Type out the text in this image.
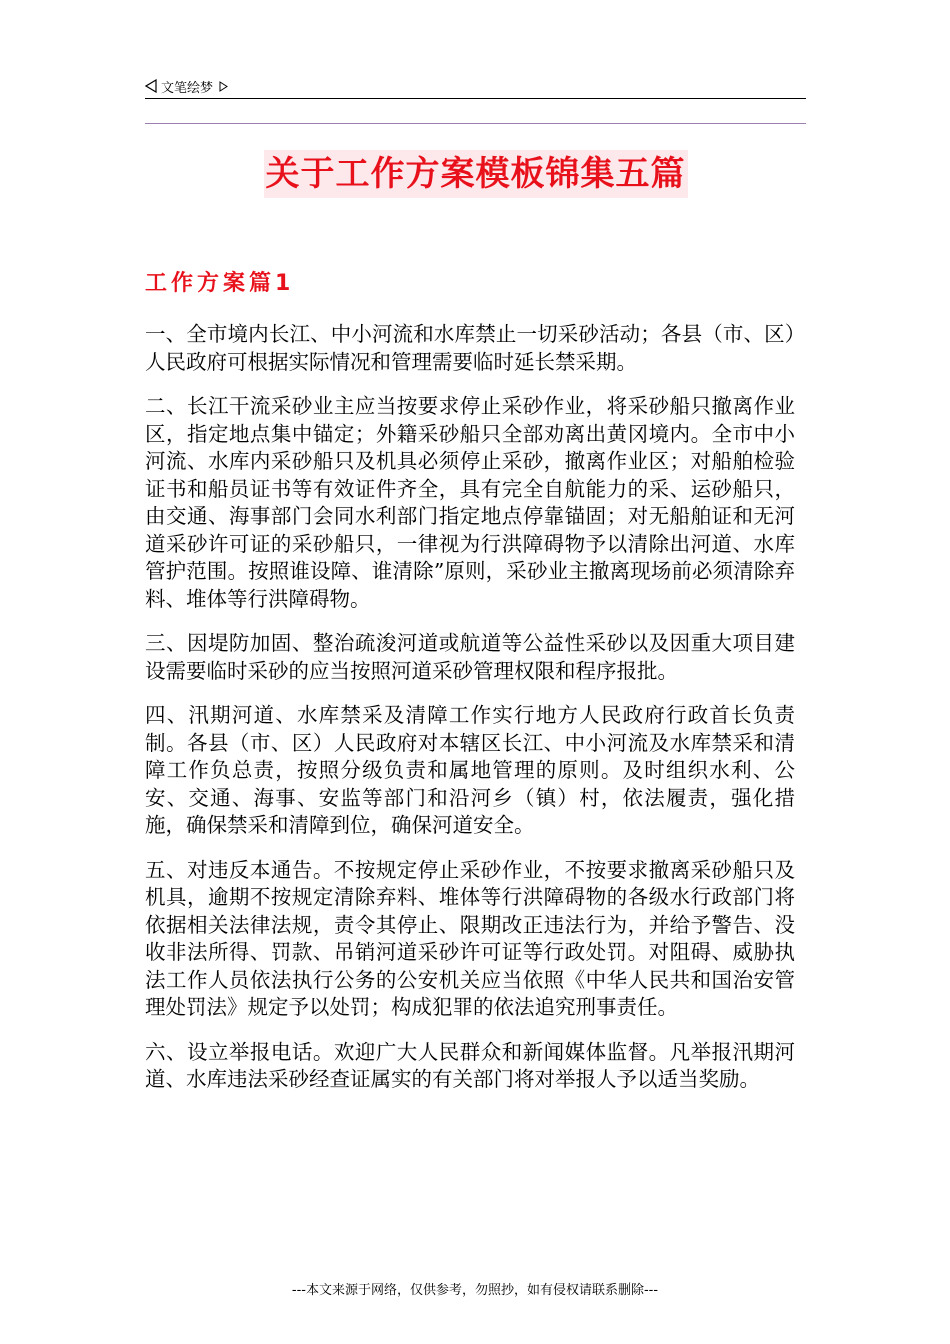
文笔绘梦
关于工作方案模板锦集五篇
工作方案篇1

一、全市境内长江、中小河流和水库禁止一切采砂活动；各县（市、区）人民政府可根据实际情况和管理需要临时延长禁采期。

二、长江干流采砂业主应当按要求停止采砂作业，将采砂船只撤离作业区，指定地点集中锚定；外籍采砂船只全部劝离出黄冈境内。全市中小河流、水库内采砂船只及机具必须停止采砂，撤离作业区；对船舶检验证书和船员证书等有效证件齐全，具有完全自航能力的采、运砂船只，由交通、海事部门会同水利部门指定地点停靠锚固；对无船舶证和无河道采砂许可证的采砂船只，一律视为行洪障碍物予以清除出河道、水库管护范围。按照谁设障、谁清除”原则，采砂业主撤离现场前必须清除弃料、堆体等行洪障碍物。

三、因堤防加固、整治疏浚河道或航道等公益性采砂以及因重大项目建设需要临时采砂的应当按照河道采砂管理权限和程序报批。

四、汛期河道、水库禁采及清障工作实行地方人民政府行政首长负责制。各县（市、区）人民政府对本辖区长江、中小河流及水库禁采和清障工作负总责，按照分级负责和属地管理的原则。及时组织水利、公安、交通、海事、安监等部门和沿河乡（镇）村，依法履责，强化措施，确保禁采和清障到位，确保河道安全。

五、对违反本通告。不按规定停止采砂作业，不按要求撤离采砂船只及机具，逾期不按规定清除弃料、堆体等行洪障碍物的各级水行政部门将依据相关法律法规，责令其停止、限期改正违法行为，并给予警告、没收非法所得、罚款、吊销河道采砂许可证等行政处罚。对阻碍、威胁执法工作人员依法执行公务的公安机关应当依照《中华人民共和国治安管理处罚法》规定予以处罚；构成犯罪的依法追究刑事责任。

六、设立举报电话。欢迎广大人民群众和新闻媒体监督。凡举报汛期河道、水库违法采砂经查证属实的有关部门将对举报人予以适当奖励。

---本文来源于网络，仅供参考，勿照抄，如有侵权请联系删除---
